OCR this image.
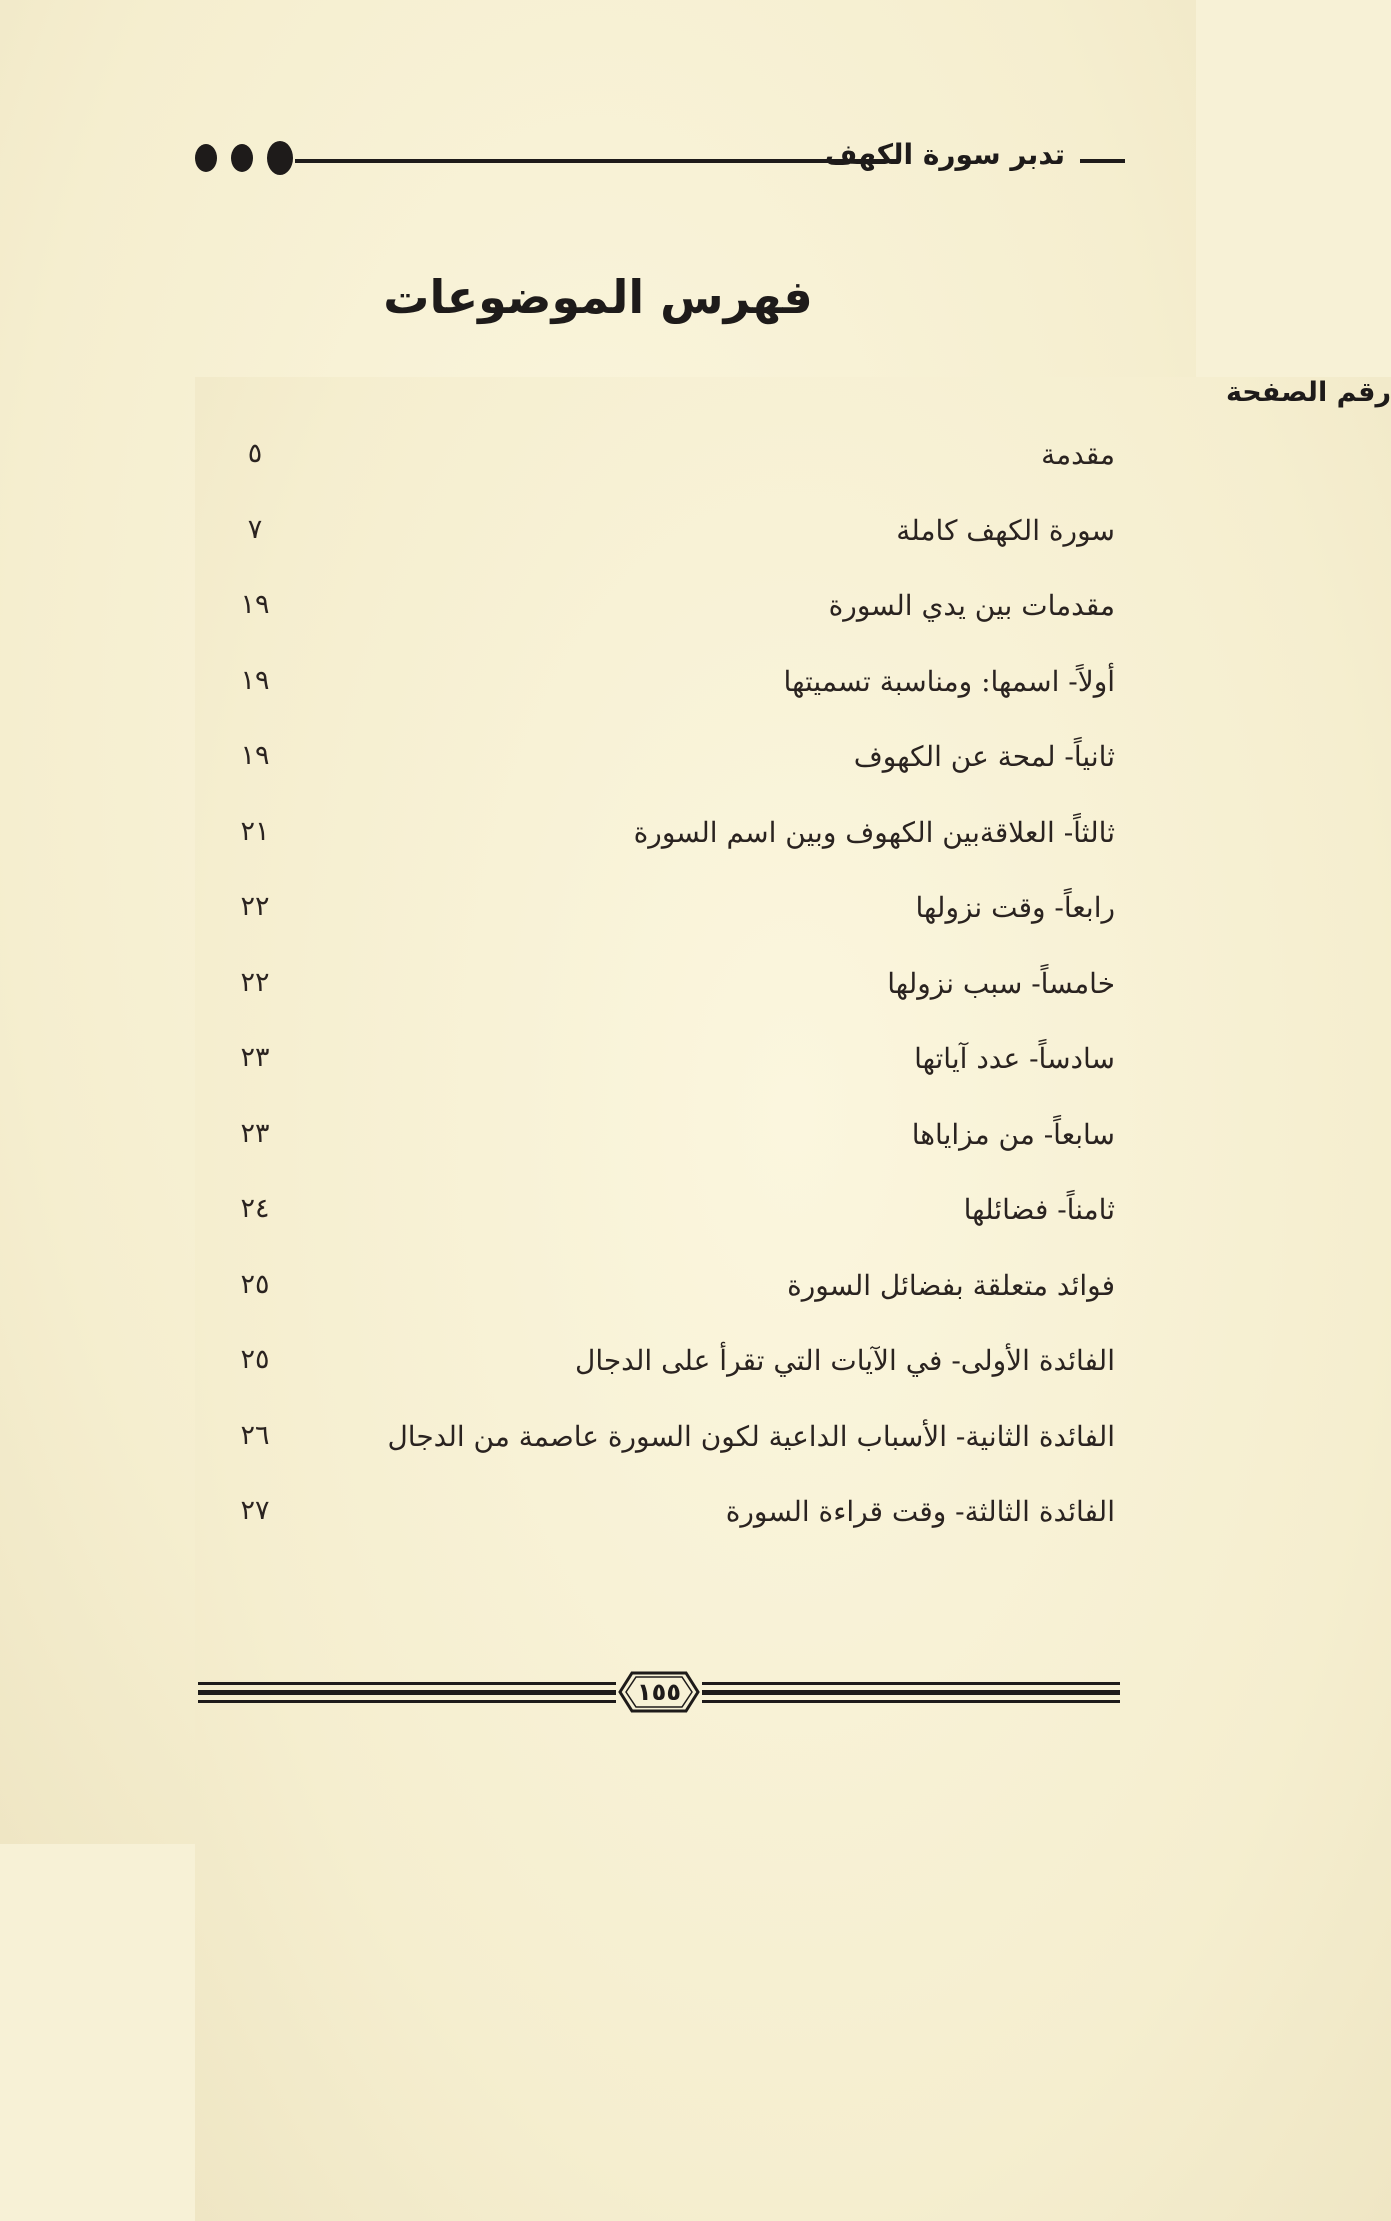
تدبر سورة الكهف
فهرس الموضوعات
رقم الصفحة
مقدمة
٥
سورة الكهف كاملة
٧
مقدمات بين يدي السورة
١٩
أولاً- اسمها: ومناسبة تسميتها
١٩
ثانياً- لمحة عن الكهوف
١٩
ثالثاً- العلاقةبين الكهوف وبين اسم السورة
٢١
رابعاً- وقت نزولها
٢٢
خامساً- سبب نزولها
٢٢
سادساً- عدد آياتها
٢٣
سابعاً- من مزاياها
٢٣
ثامناً- فضائلها
٢٤
فوائد متعلقة بفضائل السورة
٢٥
الفائدة الأولى- في الآيات التي تقرأ على الدجال
٢٥
الفائدة الثانية- الأسباب الداعية لكون السورة عاصمة من الدجال
٢٦
الفائدة الثالثة- وقت قراءة السورة
٢٧
١٥٥
